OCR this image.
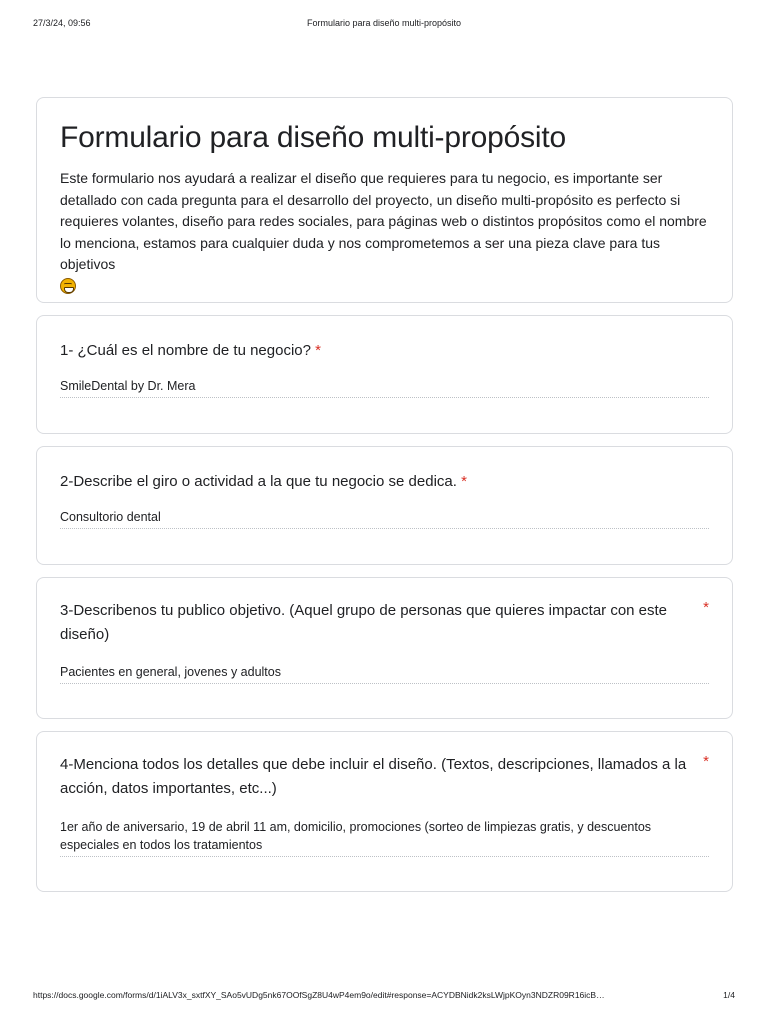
27/3/24, 09:56	Formulario para diseño multi-propósito
Formulario para diseño multi-propósito

Este formulario nos ayudará a realizar el diseño que requieres para tu negocio, es importante ser detallado con cada pregunta para el desarrollo del proyecto, un diseño multi-propósito es perfecto si requieres volantes, diseño para redes sociales, para páginas web o distintos propósitos como el nombre lo menciona, estamos para cualquier duda y nos comprometemos a ser una pieza clave para tus objetivos

1- ¿Cuál es el nombre de tu negocio? *
SmileDental by Dr. Mera
2-Describe el giro o actividad a la que tu negocio se dedica. *
Consultorio dental
3-Describenos tu publico objetivo. (Aquel grupo de personas que quieres impactar con este diseño)
*
Pacientes en general, jovenes y adultos
4-Menciona todos los detalles que debe incluir el diseño. (Textos, descripciones, llamados a la acción, datos importantes, etc...)
*
1er año de aniversario, 19 de abril 11 am, domicilio, promociones (sorteo de limpiezas gratis, y descuentos especiales en todos los tratamientos
https://docs.google.com/forms/d/1iALV3x_sxtfXY_SAo5vUDg5nk67OOfSgZ8U4wP4em9o/edit#response=ACYDBNidk2ksLWjpKOyn3NDZR09R16icB…	1/4
